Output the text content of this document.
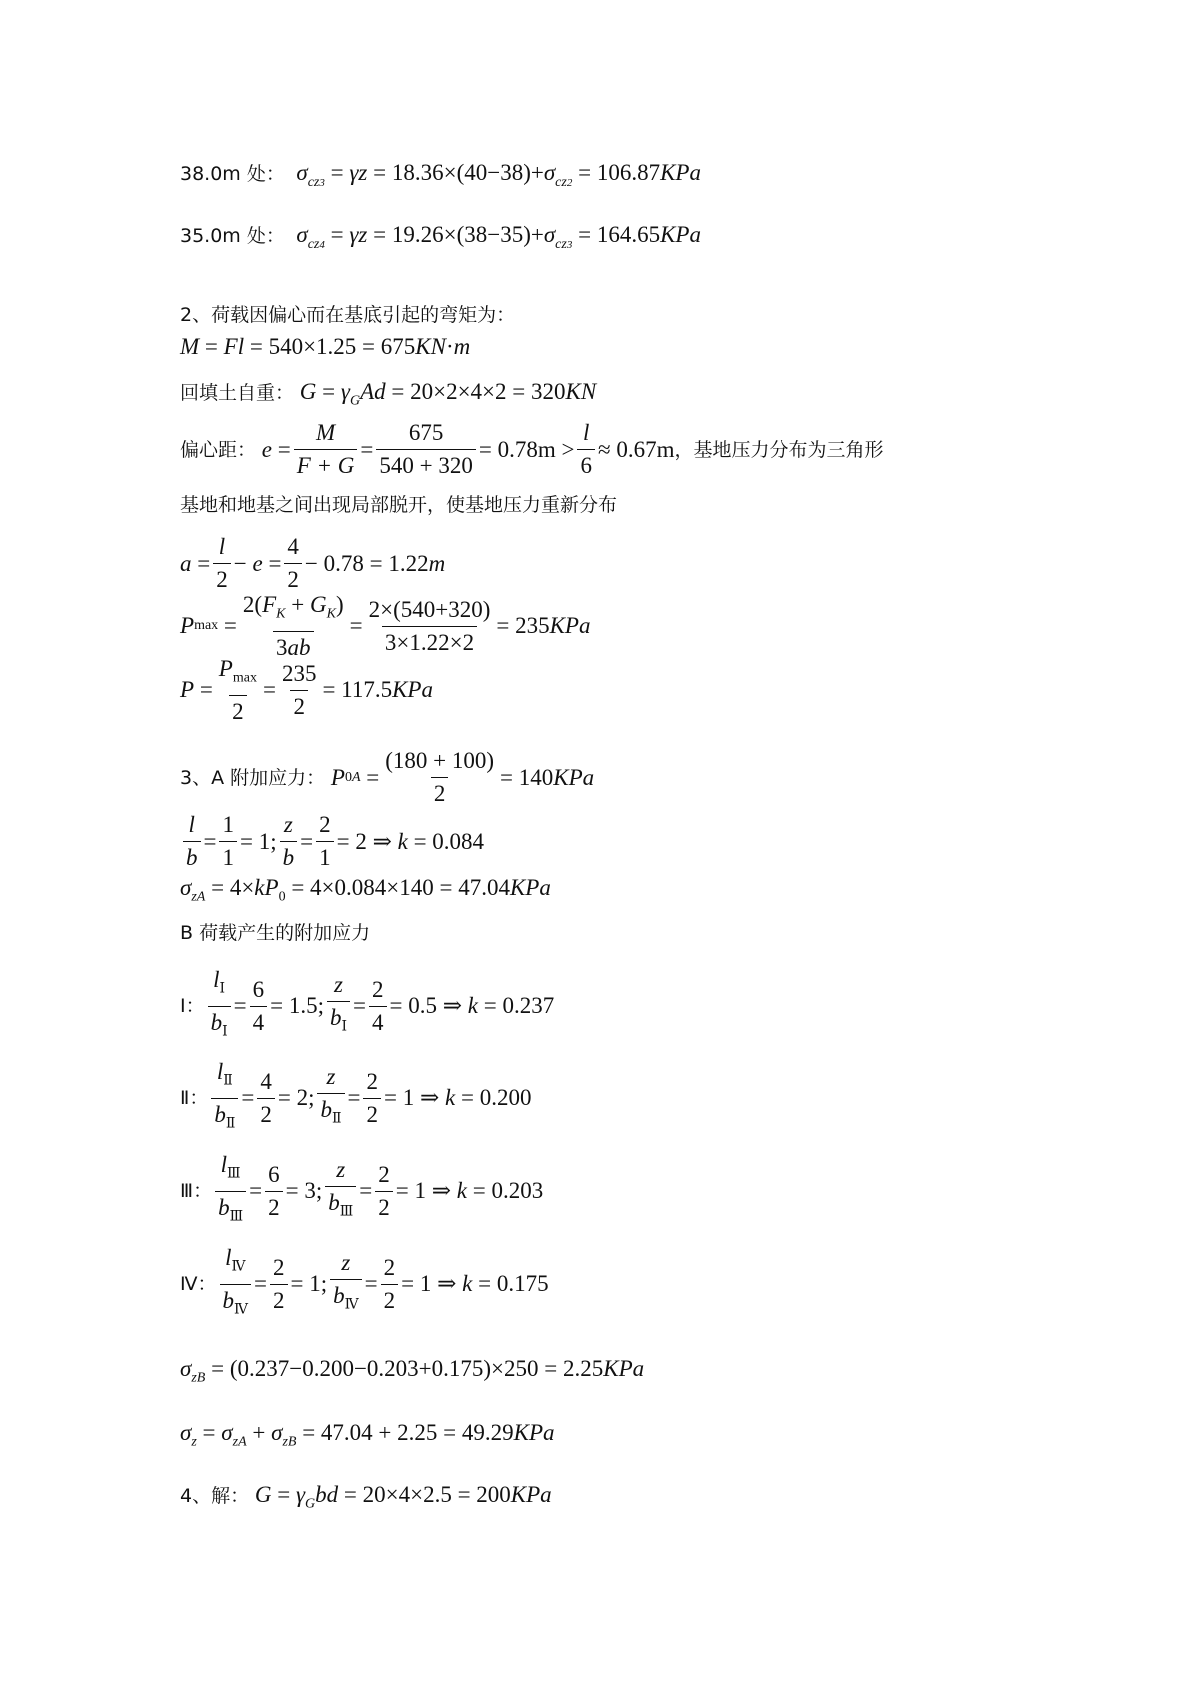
38.0m 处： $\sigma_{cz3} = \gamma z = 18.36\times(40-38)+\sigma_{cz2} = 106.87KPa$
35.0m 处： $\sigma_{cz4} = \gamma z = 19.26\times(38-35)+\sigma_{cz3} = 164.65KPa$
2、荷载因偏心而在基底引起的弯矩为：
M = Fl = 540×1.25 = 675KN·m
回填土自重： $G = \gamma_GAd = 20\times 2\times 4\times 2 = 320KN$
偏心距： $e = \frac{M}{F + G} = \frac{675}{540 + 320} = 0.78m > \frac{l}{6} \approx 0.67m$ ，基地压力分布为三角形
基地和地基之间出现局部脱开，使基地压力重新分布
$a = \frac{l}{2} - e = \frac{4}{2} - 0.78 = 1.22$ m
P $\max = \frac{2(F_K + G_K)}{3ab} = \frac{2\times(540+320)}{3\times 1.22\times 2} = 235$ KPa
$P = \frac{P_{max}}{2} = \frac{235}{2} = 117.5$ KPa
3、A 附加应力： P $0A = \frac{(180 + 100)}{2} = 140$ KPa
$\frac{l}{b} = \frac{1}{1} = 1$; $\frac{z}{b} = \frac{2}{1} = 2$ ⇒ k = 0.084
$\sigma_{zA} = 4\times kP_0 = 4\times 0.084\times 140 = 47.04KPa$
B 荷载产生的附加应力
Ⅰ： $\frac{l_Ⅰ}{b_Ⅰ} = \frac{6}{4} = 1.5$ ; $\frac{z}{b_Ⅰ} = \frac{2}{4} = 0.5$ ⇒ k = 0.237
Ⅱ： $\frac{l_Ⅱ}{b_Ⅱ} = \frac{4}{2} = 2$ ; $\frac{z}{b_Ⅱ} = \frac{2}{2} = 1$ ⇒ k = 0.200
Ⅲ： $\frac{l_Ⅲ}{b_Ⅲ} = \frac{6}{2} = 3$ ; $\frac{z}{b_Ⅲ} = \frac{2}{2} = 1$ ⇒ k = 0.203
Ⅳ： $\frac{l_Ⅳ}{b_Ⅳ} = \frac{2}{2} = 1$ ; $\frac{z}{b_Ⅳ} = \frac{2}{2} = 1$ ⇒ k = 0.175
$\sigma_{zB} = (0.237-0.200-0.203+0.175)\times 250 = 2.25KPa$
$\sigma_z = \sigma_{zA} + \sigma_{zB} = 47.04 + 2.25 = 49.29KPa$
4、解： $G = \gamma_Gbd = 20\times 4\times 2.5 = 200KPa$
